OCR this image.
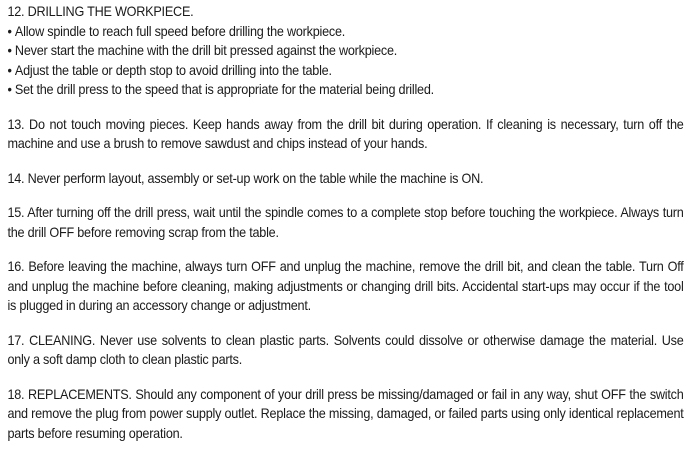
12. DRILLING THE WORKPIECE.

• Allow spindle to reach full speed before drilling the workpiece.
• Never start the machine with the drill bit pressed against the workpiece.
• Adjust the table or depth stop to avoid drilling into the table.
• Set the drill press to the speed that is appropriate for the material being drilled.

13. Do not touch moving pieces. Keep hands away from the drill bit during operation. If cleaning is necessary, turn off the machine and use a brush to remove sawdust and chips instead of your hands.

14. Never perform layout, assembly or set-up work on the table while the machine is ON.

15. After turning off the drill press, wait until the spindle comes to a complete stop before touching the workpiece. Always turn the drill OFF before removing scrap from the table.

16. Before leaving the machine, always turn OFF and unplug the machine, remove the drill bit, and clean the table. Turn Off and unplug the machine before cleaning, making adjustments or changing drill bits. Accidental start-ups may occur if the tool is plugged in during an accessory change or adjustment.

17. CLEANING. Never use solvents to clean plastic parts. Solvents could dissolve or otherwise damage the material. Use only a soft damp cloth to clean plastic parts.

18. REPLACEMENTS. Should any component of your drill press be missing/damaged or fail in any way, shut OFF the switch and remove the plug from power supply outlet. Replace the missing, damaged, or failed parts using only identical replacement parts before resuming operation.
